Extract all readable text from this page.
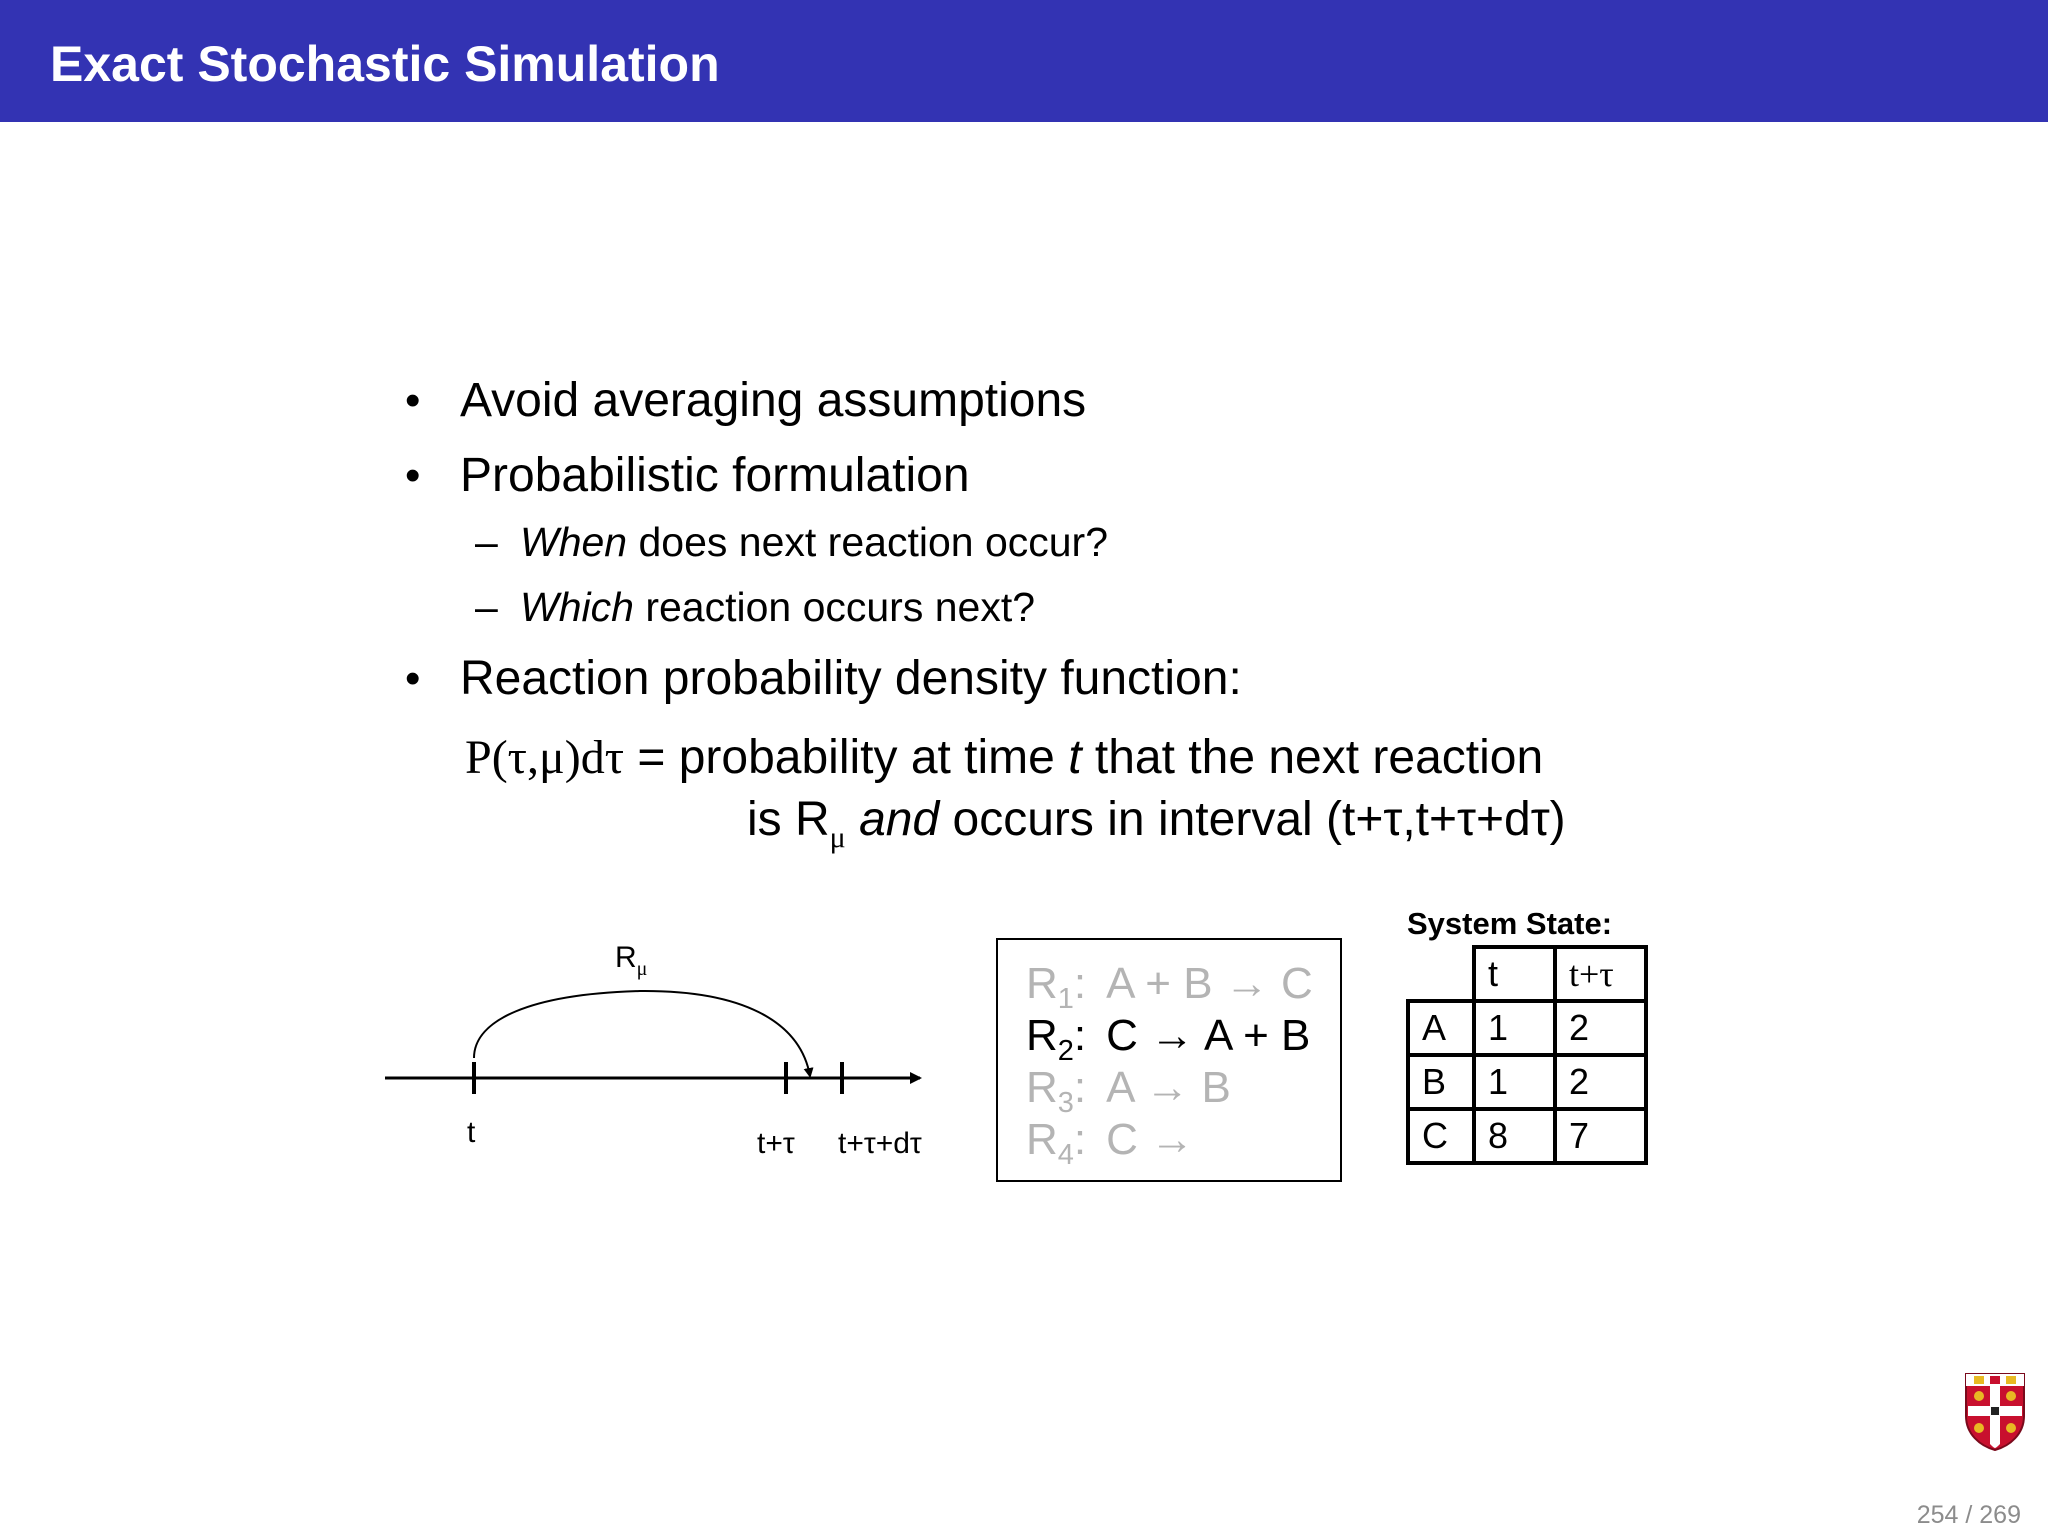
Exact Stochastic Simulation
• Avoid averaging assumptions
• Probabilistic formulation
– When does next reaction occur?
– Which reaction occurs next?
• Reaction probability density function:
P(τ,μ)dτ = probability at time t that the next reaction
is $R_\mu$ and occurs in interval (t+τ,t+τ+dτ)
$R_\mu$
t	t+τ t+τ+dτ
$R_1$: A + B → C
$R_2$: C → A + B
$R_3$: A → B
$R_4$: C →
System State:
	t	t+τ
A	1	2
B	1	2
C	8	7
254 / 269
